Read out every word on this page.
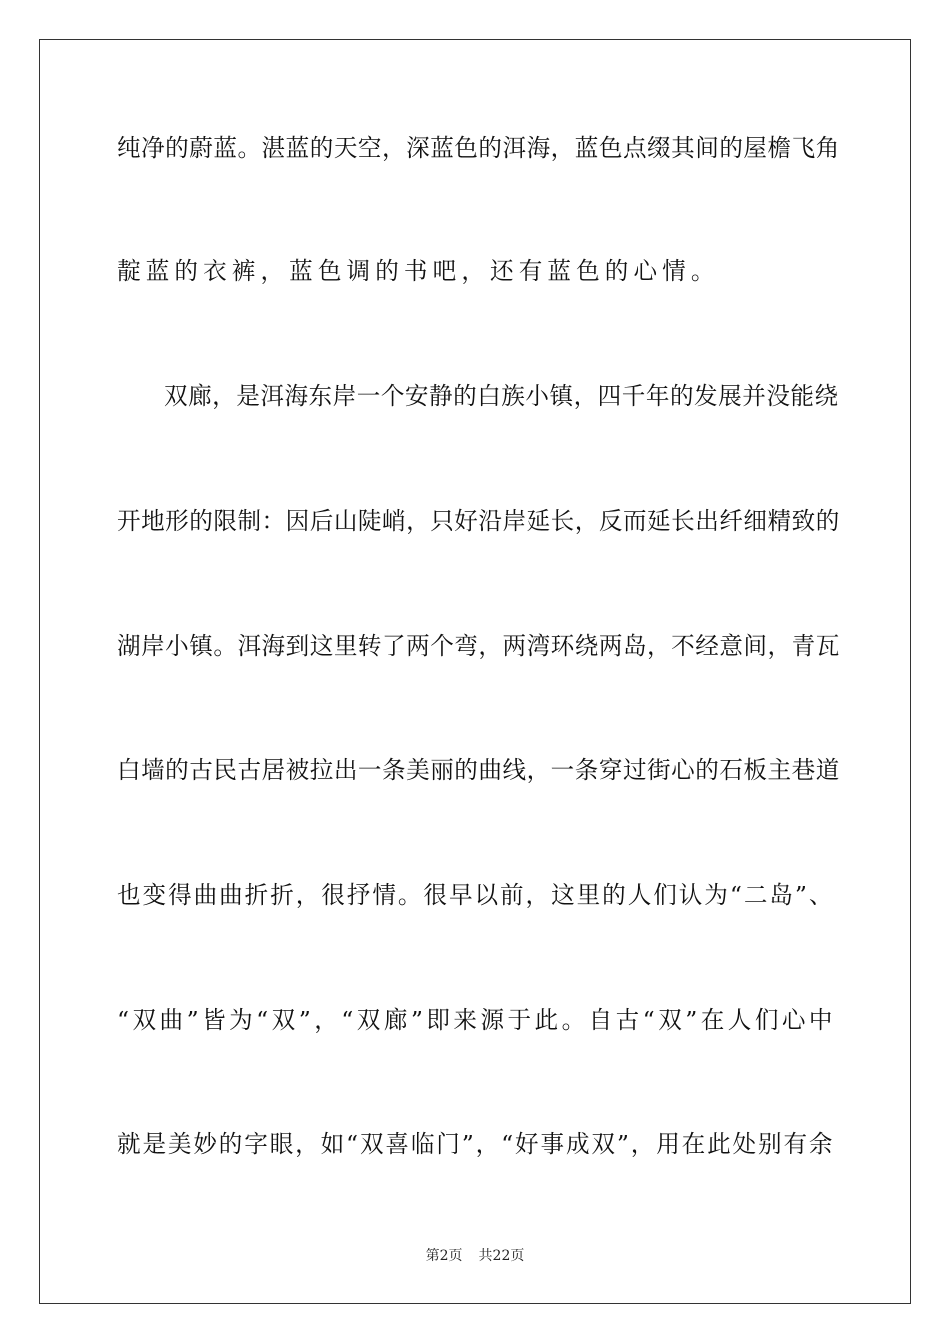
纯净的蔚蓝。湛蓝的天空，深蓝色的洱海，蓝色点缀其间的屋檐飞角
靛蓝的衣裤，蓝色调的书吧，还有蓝色的心情。
双廊，是洱海东岸一个安静的白族小镇，四千年的发展并没能绕
开地形的限制：因后山陡峭，只好沿岸延长，反而延长出纤细精致的
湖岸小镇。洱海到这里转了两个弯，两湾环绕两岛，不经意间，青瓦
白墙的古民古居被拉出一条美丽的曲线，一条穿过街心的石板主巷道
也变得曲曲折折，很抒情。很早以前，这里的人们认为“二岛”、
“双曲”皆为“双”，“双廊”即来源于此。自古“双”在人们心中
就是美妙的字眼，如“双喜临门”，“好事成双”，用在此处别有余
第2页 共22页
